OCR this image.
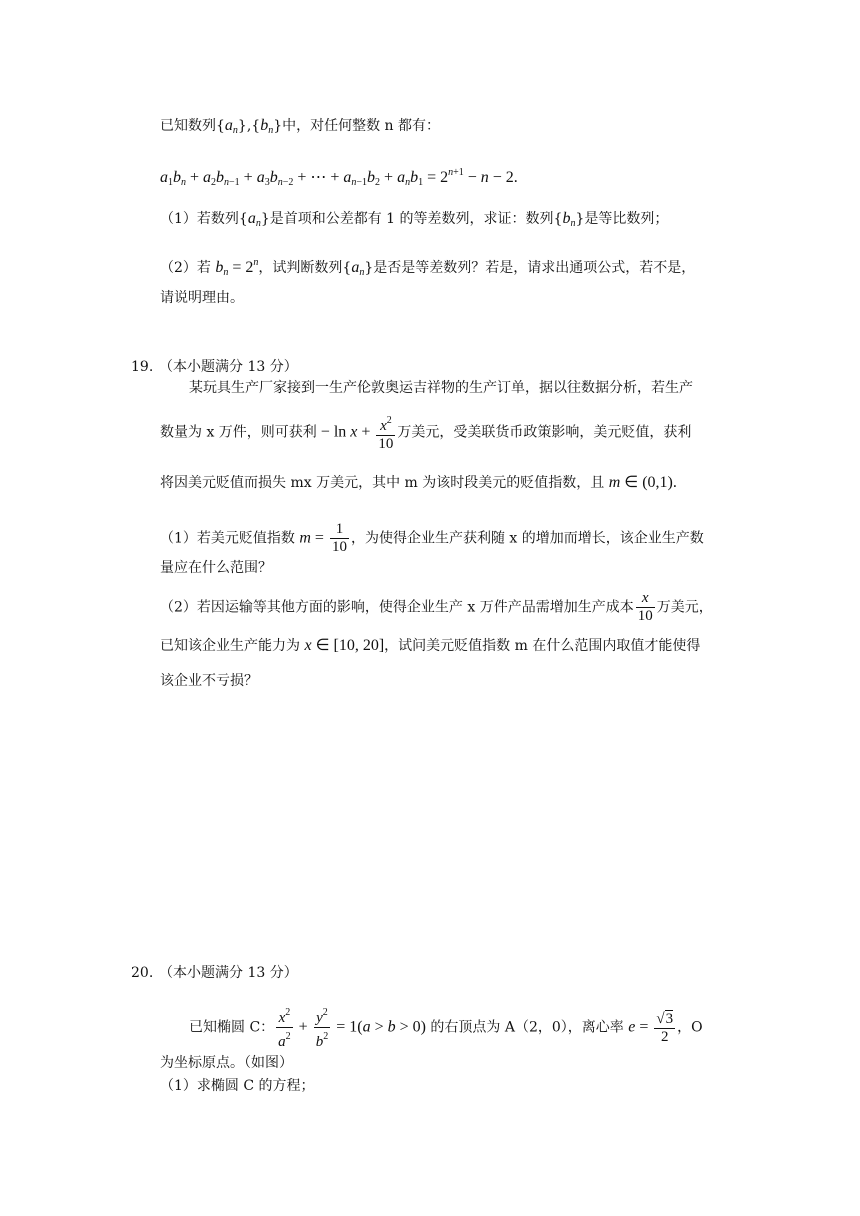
已知数列$\{a_n\},\{b_n\}$中，对任何整数 n 都有：
$a_1b_n + a_2b_{n-1} + a_3b_{n-2}$ + ⋯ + $a_{n-1}b_2 + a_nb_1 = 2^{n+1} - n - 2$.
（1）若数列$\{a_n\}$是首项和公差都有 1 的等差数列，求证：数列$\{b_n\}$是等比数列；
（2）若 $b_n = 2^n$，试判断数列$\{a_n\}$是否是等差数列？若是，请求出通项公式，若不是，
请说明理由。
19. （本小题满分 13 分）
某玩具生产厂家接到一生产伦敦奥运吉祥物的生产订单，据以往数据分析，若生产
数量为 x 万件，则可获利 − $\ln x + \frac{x^2}{10}$ 万美元，受美联货币政策影响，美元贬值，获利
将因美元贬值而损失 mx 万美元，其中 m 为该时段美元的贬值指数，且 m ∈ (0,1).
（1）若美元贬值指数 $m = \frac{1}{10}$ ，为使得企业生产获利随 x 的增加而增长，该企业生产数
量应在什么范围？
（2）若因运输等其他方面的影响，使得企业生产 x 万件产品需增加生产成本 $\frac{x}{10}$ 万美元，
已知该企业生产能力为 x ∈ [10, 20]，试问美元贬值指数 m 在什么范围内取值才能使得
该企业不亏损？
20. （本小题满分 13 分）
已知椭圆 C： $\frac{x^2}{a^2} + \frac{y^2}{b^2} = 1(a > b > 0)$ 的右顶点为 A（2，0），离心率 $e = \frac{√3}{2}$ ，O
为坐标原点。（如图）
（1）求椭圆 C 的方程；
